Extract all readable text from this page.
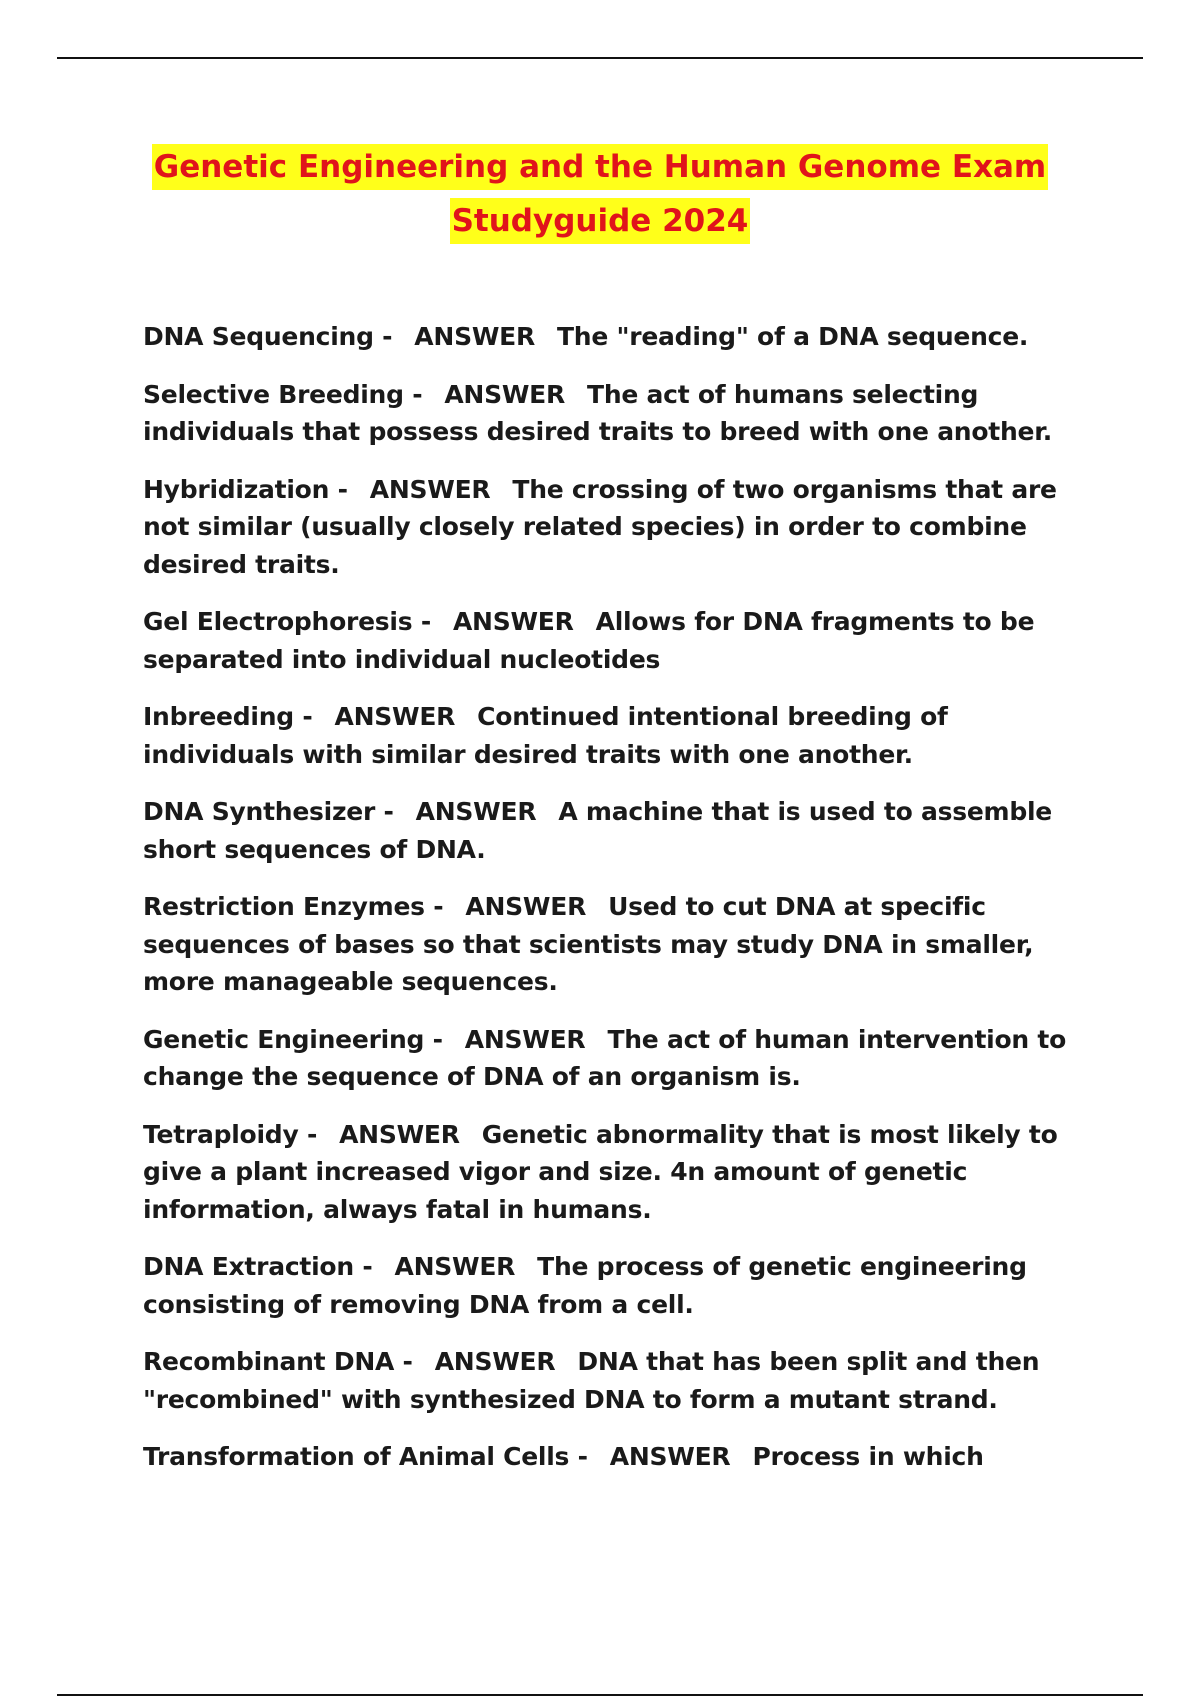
Genetic Engineering and the Human Genome Exam
Studyguide 2024

DNA Sequencing - ANSWER The "reading" of a DNA sequence.

Selective Breeding - ANSWER The act of humans selecting individuals that possess desired traits to breed with one another.

Hybridization - ANSWER The crossing of two organisms that are not similar (usually closely related species) in order to combine desired traits.

Gel Electrophoresis - ANSWER Allows for DNA fragments to be separated into individual nucleotides

Inbreeding - ANSWER Continued intentional breeding of individuals with similar desired traits with one another.

DNA Synthesizer - ANSWER A machine that is used to assemble short sequences of DNA.

Restriction Enzymes - ANSWER Used to cut DNA at specific sequences of bases so that scientists may study DNA in smaller, more manageable sequences.

Genetic Engineering - ANSWER The act of human intervention to change the sequence of DNA of an organism is.

Tetraploidy - ANSWER Genetic abnormality that is most likely to give a plant increased vigor and size. 4n amount of genetic information, always fatal in humans.

DNA Extraction - ANSWER The process of genetic engineering consisting of removing DNA from a cell.

Recombinant DNA - ANSWER DNA that has been split and then "recombined" with synthesized DNA to form a mutant strand.

Transformation of Animal Cells - ANSWER Process in which
